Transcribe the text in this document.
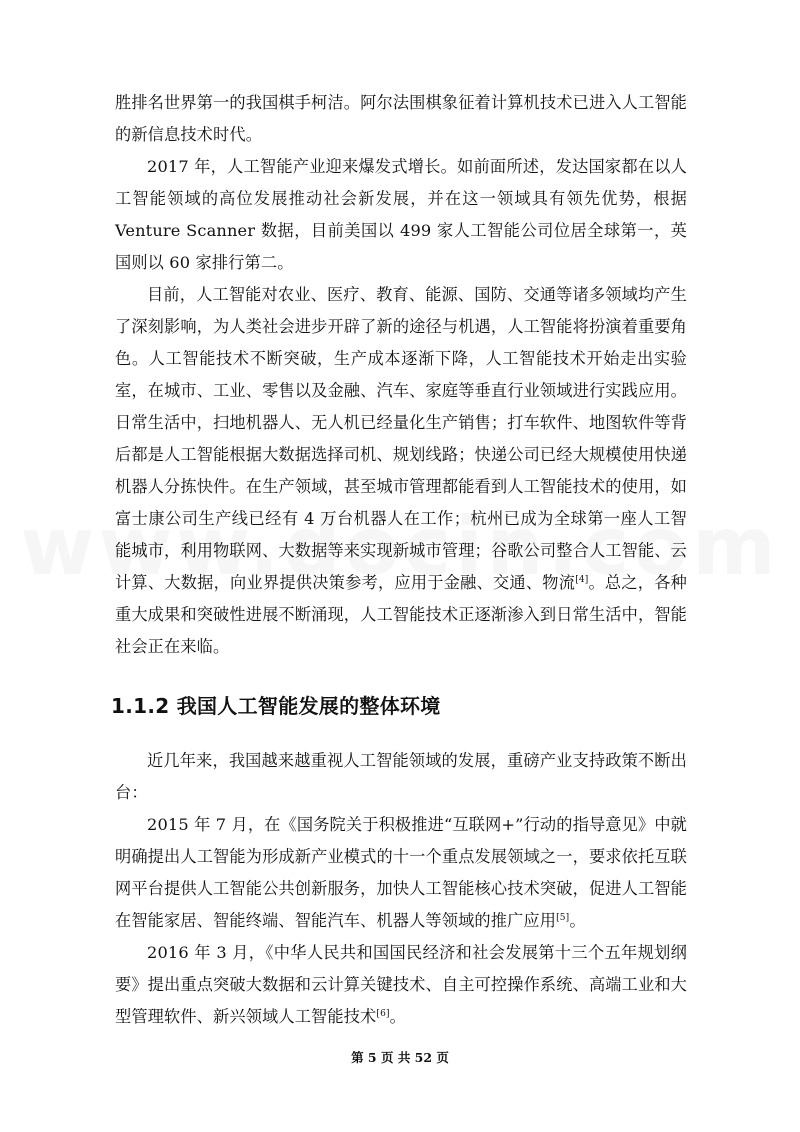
胜排名世界第一的我国棋手柯洁。阿尔法围棋象征着计算机技术已进入人工智能的新信息技术时代。

2017 年，人工智能产业迎来爆发式增长。如前面所述，发达国家都在以人工智能领域的高位发展推动社会新发展，并在这一领域具有领先优势，根据 Venture Scanner 数据，目前美国以 499 家人工智能公司位居全球第一，英国则以 60 家排行第二。

目前，人工智能对农业、医疗、教育、能源、国防、交通等诸多领域均产生了深刻影响，为人类社会进步开辟了新的途径与机遇，人工智能将扮演着重要角色。人工智能技术不断突破，生产成本逐渐下降，人工智能技术开始走出实验室，在城市、工业、零售以及金融、汽车、家庭等垂直行业领域进行实践应用。日常生活中，扫地机器人、无人机已经量化生产销售；打车软件、地图软件等背后都是人工智能根据大数据选择司机、规划线路；快递公司已经大规模使用快递机器人分拣快件。在生产领域，甚至城市管理都能看到人工智能技术的使用，如富士康公司生产线已经有 4 万台机器人在工作；杭州已成为全球第一座人工智能城市，利用物联网、大数据等来实现新城市管理；谷歌公司整合人工智能、云计算、大数据，向业界提供决策参考，应用于金融、交通、物流[4]。总之，各种重大成果和突破性进展不断涌现，人工智能技术正逐渐渗入到日常生活中，智能社会正在来临。

1.1.2 我国人工智能发展的整体环境

近几年来，我国越来越重视人工智能领域的发展，重磅产业支持政策不断出台：

2015 年 7 月，在《国务院关于积极推进“互联网+”行动的指导意见》中就明确提出人工智能为形成新产业模式的十一个重点发展领域之一，要求依托互联网平台提供人工智能公共创新服务，加快人工智能核心技术突破，促进人工智能在智能家居、智能终端、智能汽车、机器人等领域的推广应用[5]。

2016 年 3 月，《中华人民共和国国民经济和社会发展第十三个五年规划纲要》提出重点突破大数据和云计算关键技术、自主可控操作系统、高端工业和大型管理软件、新兴领域人工智能技术[6]。

第 5 页 共 52 页
